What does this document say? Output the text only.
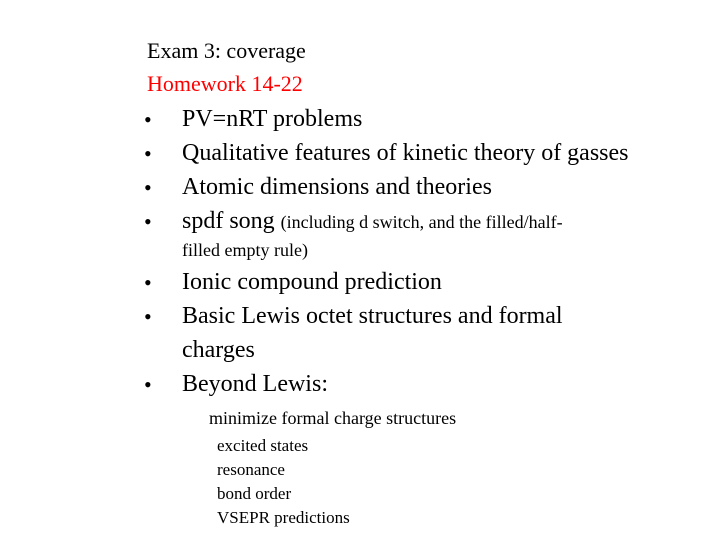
Exam 3: coverage
Homework 14-22
• PV=nRT problems
• Qualitative features of kinetic theory of gasses
• Atomic dimensions and theories
• spdf song (including d switch, and the filled/half-
filled empty rule)
• Ionic compound prediction
• Basic Lewis octet structures and formal
charges
• Beyond Lewis:
minimize formal charge structures
excited states
resonance
bond order
VSEPR predictions
